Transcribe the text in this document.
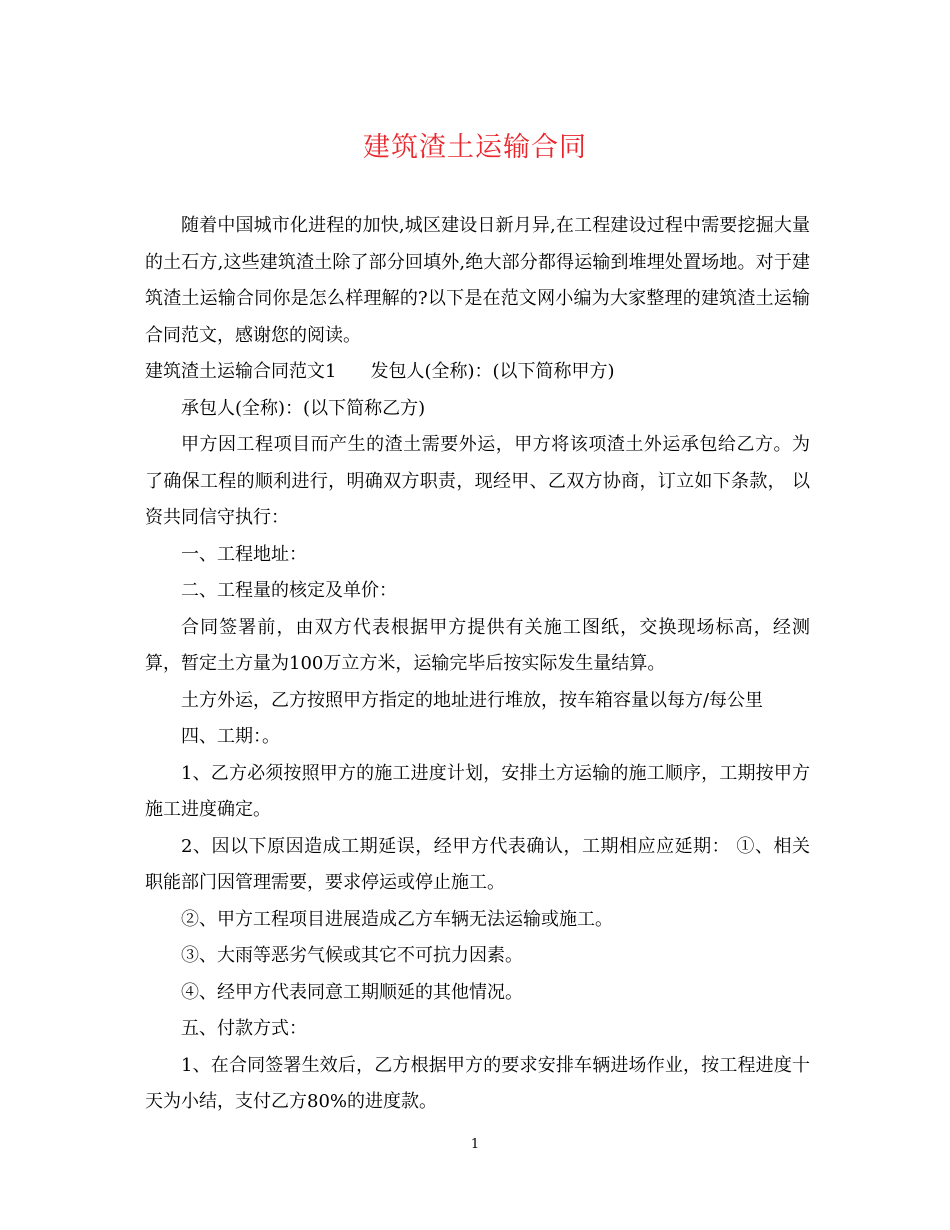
建筑渣土运输合同

随着中国城市化进程的加快,城区建设日新月异,在工程建设过程中需要挖掘大量的土石方,这些建筑渣土除了部分回填外,绝大部分都得运输到堆埋处置场地。对于建筑渣土运输合同你是怎么样理解的?以下是在范文网小编为大家整理的建筑渣土运输合同范文，感谢您的阅读。

建筑渣土运输合同范文1 发包人(全称)：(以下简称甲方)

承包人(全称)：(以下简称乙方)

甲方因工程项目而产生的渣土需要外运，甲方将该项渣土外运承包给乙方。为了确保工程的顺利进行，明确双方职责，现经甲、乙双方协商，订立如下条款， 以资共同信守执行：

一、工程地址：

二、工程量的核定及单价：

合同签署前，由双方代表根据甲方提供有关施工图纸，交换现场标高，经测算，暂定土方量为100万立方米，运输完毕后按实际发生量结算。

土方外运，乙方按照甲方指定的地址进行堆放，按车箱容量以每方/每公里

四、工期：。

1、乙方必须按照甲方的施工进度计划，安排土方运输的施工顺序，工期按甲方施工进度确定。

2、因以下原因造成工期延误，经甲方代表确认，工期相应应延期： ①、相关职能部门因管理需要，要求停运或停止施工。

②、甲方工程项目进展造成乙方车辆无法运输或施工。

③、大雨等恶劣气候或其它不可抗力因素。

④、经甲方代表同意工期顺延的其他情况。

五、付款方式：

1、在合同签署生效后，乙方根据甲方的要求安排车辆进场作业，按工程进度十天为小结，支付乙方80%的进度款。

1
